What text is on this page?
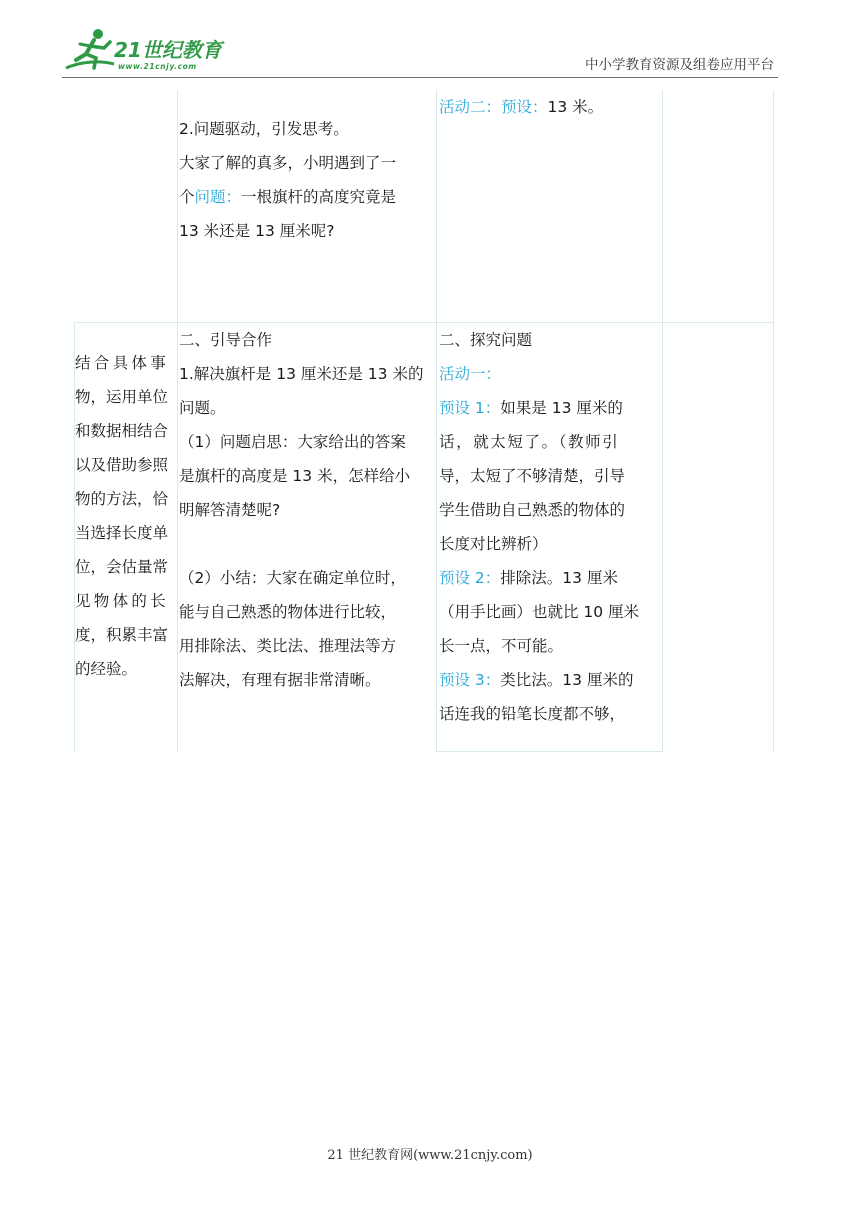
21世纪教育
www.21cnjy.com	中小学教育资源及组卷应用平台

2.问题驱动，引发思考。

大家了解的真多，小明遇到了一

个问题：一根旗杆的高度究竟是

13 米还是 13 厘米呢?

活动二：预设：13 米。

结合具体事

物，运用单位

和数据相结合

以及借助参照

物的方法，恰

当选择长度单

位，会估量常

见物体的长

度，积累丰富

的经验。

二、引导合作

1.解决旗杆是 13 厘米还是 13 米的

问题。

（1）问题启思：大家给出的答案

是旗杆的高度是 13 米，怎样给小

明解答清楚呢?

（2）小结：大家在确定单位时，

能与自己熟悉的物体进行比较，

用排除法、类比法、推理法等方

法解决，有理有据非常清晰。

二、探究问题

活动一：

预设 1：如果是 13 厘米的

话，就太短了。（教师引

导，太短了不够清楚，引导

学生借助自己熟悉的物体的

长度对比辨析）

预设 2：排除法。13 厘米

（用手比画）也就比 10 厘米

长一点，不可能。

预设 3：类比法。13 厘米的

话连我的铅笔长度都不够，

21 世纪教育网(www.21cnjy.com)
